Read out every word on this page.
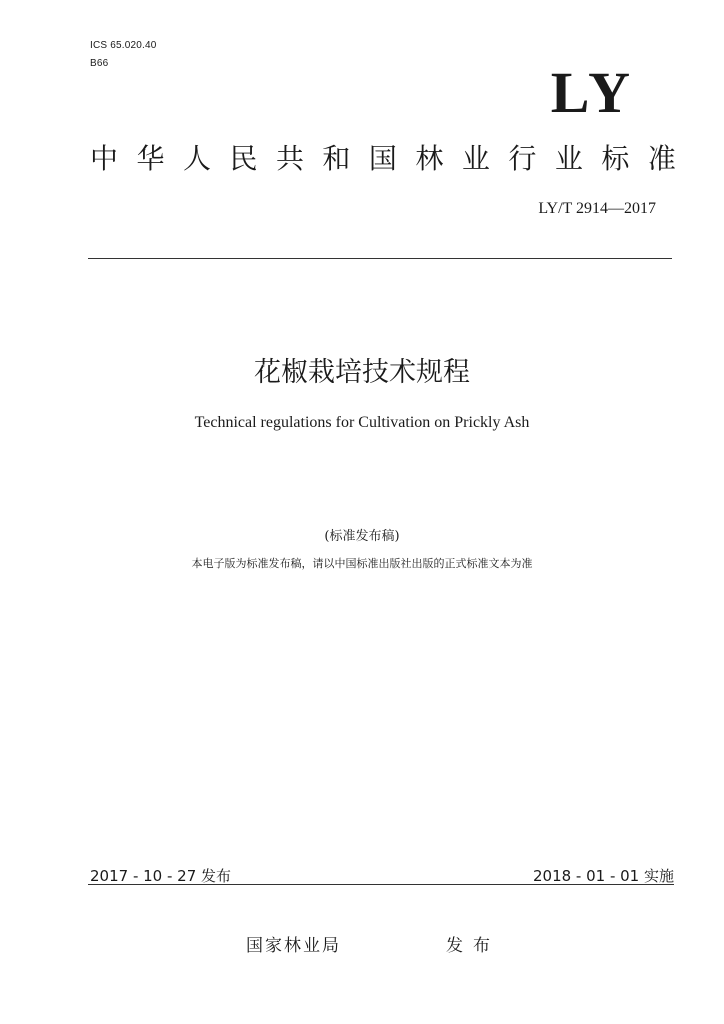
ICS 65.020.40
B66	LY
中 华 人 民 共 和 国 林 业 行 业 标 准
LY/T 2914—2017
花椒栽培技术规程
Technical regulations for Cultivation on Prickly Ash
(标准发布稿)
本电子版为标准发布稿，请以中国标准出版社出版的正式标准文本为准
2017 - 10 - 27 发布	2018 - 01 - 01 实施
国家林业局	发布
